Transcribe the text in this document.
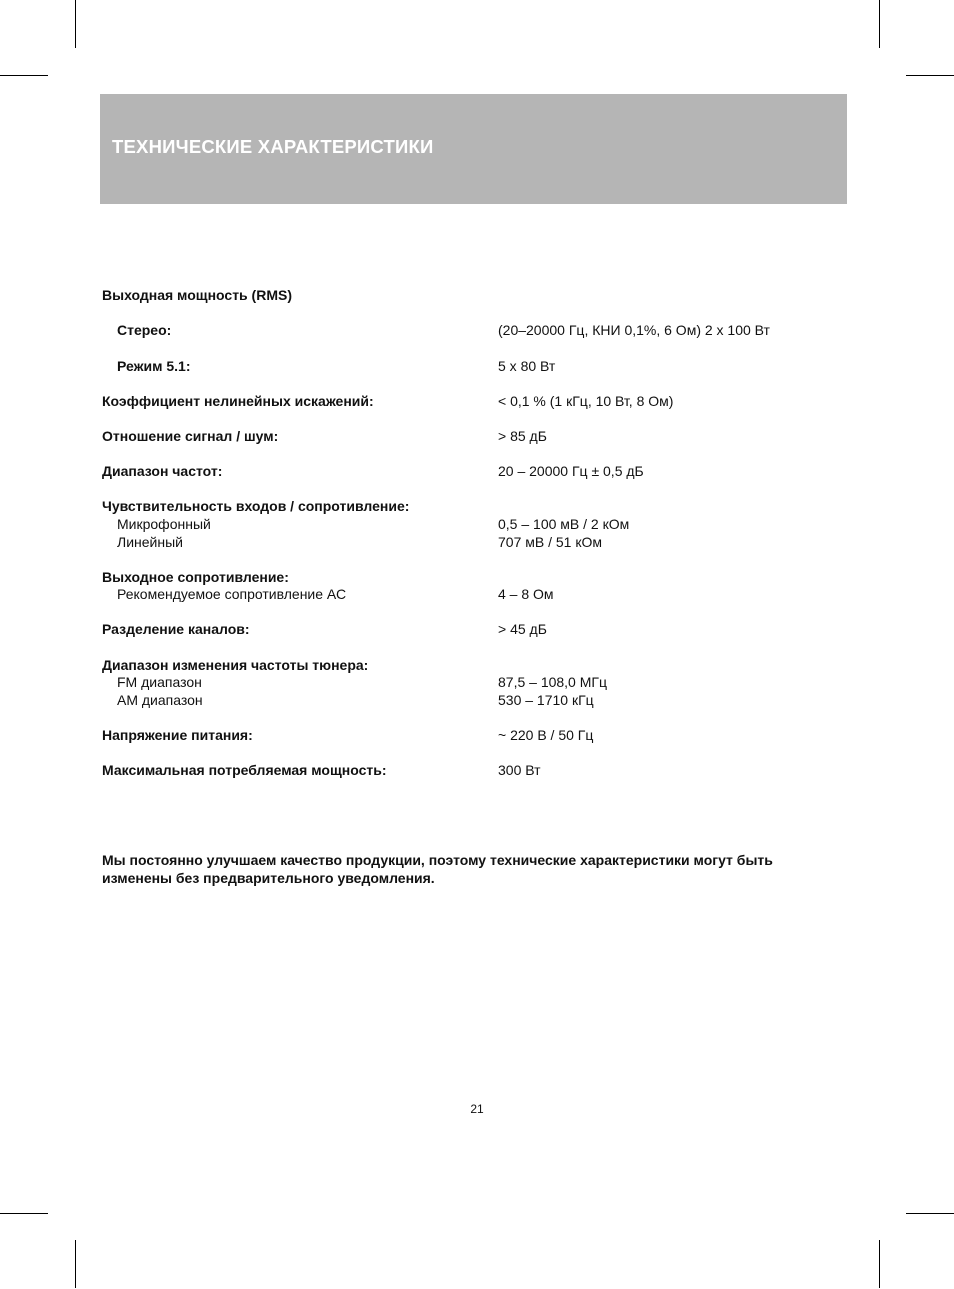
ТЕХНИЧЕСКИЕ ХАРАКТЕРИСТИКИ
Выходная мощность (RMS)
Стерео:	(20–20000 Гц, КНИ 0,1%, 6 Ом) 2 x 100 Вт
Режим 5.1:	5 x 80 Вт
Коэффициент нелинейных искажений:	< 0,1 % (1 кГц, 10 Вт, 8 Ом)
Отношение сигнал / шум:	> 85 дБ
Диапазон частот:	20 – 20000 Гц ± 0,5 дБ
Чувствительность входов / сопротивление:
Микрофонный	0,5 – 100 мВ / 2 кОм
Линейный	707 мВ / 51 кОм
Выходное сопротивление:
Рекомендуемое сопротивление АС	4 – 8 Ом
Разделение каналов:	> 45 дБ
Диапазон изменения частоты тюнера:
FM диапазон	87,5 – 108,0 МГц
АМ диапазон	530 – 1710 кГц
Напряжение питания:	~ 220 В / 50 Гц
Максимальная потребляемая мощность:	300 Вт
Мы постоянно улучшаем качество продукции, поэтому технические характеристики могут быть изменены без предварительного уведомления.
21
